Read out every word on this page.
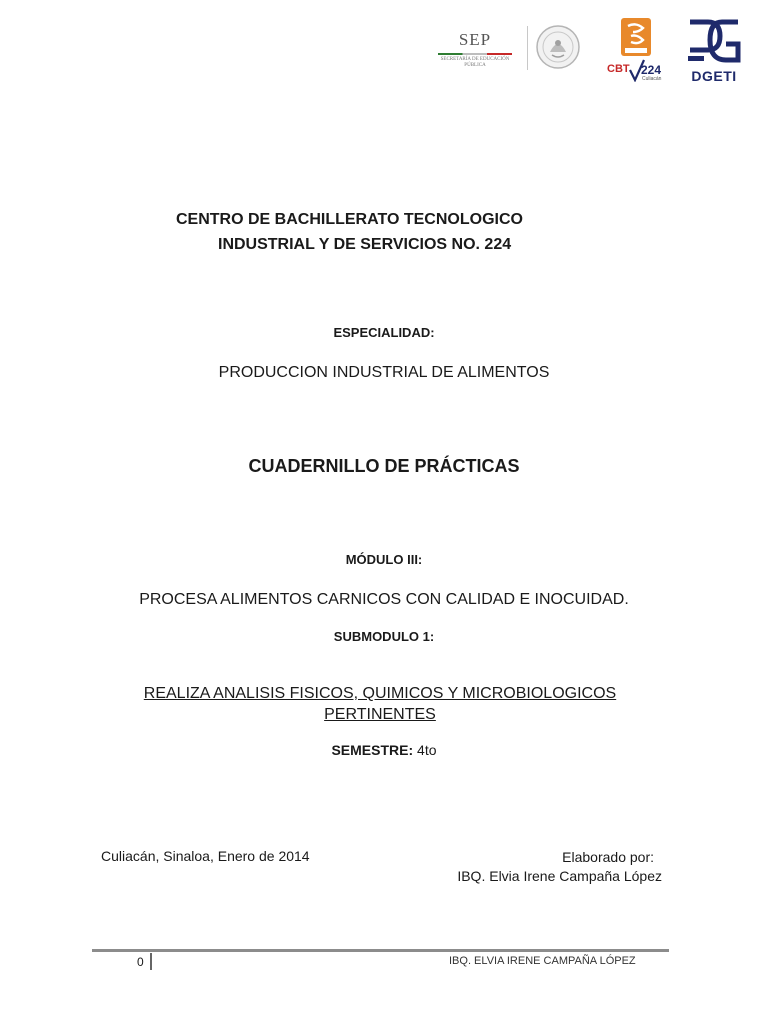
SEP
SECRETARÍA DE EDUCACIÓN PÚBLICA	CBT 224
Culiacán	DGETI
CENTRO DE BACHILLERATO TECNOLOGICO
INDUSTRIAL Y DE SERVICIOS NO. 224
ESPECIALIDAD:
PRODUCCION INDUSTRIAL DE ALIMENTOS
CUADERNILLO DE PRÁCTICAS
MÓDULO III:
PROCESA ALIMENTOS CARNICOS CON CALIDAD E INOCUIDAD.
SUBMODULO 1:
REALIZA ANALISIS FISICOS, QUIMICOS Y MICROBIOLOGICOS PERTINENTES
SEMESTRE: 4to
Culiacán, Sinaloa, Enero de 2014	Elaborado por:
IBQ. Elvia Irene Campaña López
0	IBQ. ELVIA IRENE CAMPAÑA LÓPEZ
